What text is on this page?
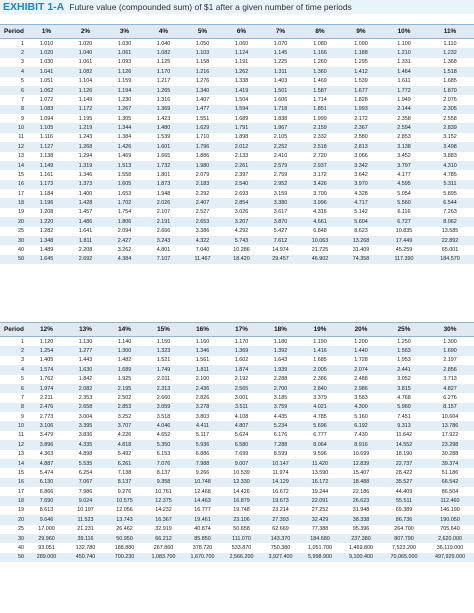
EXHIBIT 1-A Future value (compounded sum) of $1 after a given number of time periods
Period	1%	2%	3%	4%	5%	6%	7%	8%	9%	10%	11%
1	1.010	1.020	1.030	1.040	1.050	1.060	1.070	1.080	1.090	1.100	1.110
2	1.020	1.040	1.061	1.082	1.103	1.124	1.145	1.166	1.188	1.210	1.232
3	1.030	1.061	1.093	1.125	1.158	1.191	1.225	1.260	1.295	1.331	1.368
4	1.041	1.082	1.126	1.170	1.216	1.262	1.311	1.360	1.412	1.464	1.518
5	1.051	1.104	1.159	1.217	1.276	1.338	1.403	1.469	1.539	1.611	1.685
6	1.062	1.126	1.194	1.265	1.340	1.419	1.501	1.587	1.677	1.772	1.870
7	1.072	1.149	1.230	1.316	1.407	1.504	1.606	1.714	1.828	1.949	2.076
8	1.083	1.172	1.267	1.369	1.477	1.594	1.718	1.851	1.993	2.144	2.305
9	1.094	1.195	1.305	1.423	1.551	1.689	1.838	1.999	2.172	2.358	2.558
10	1.105	1.219	1.344	1.480	1.629	1.791	1.967	2.159	2.367	2.594	2.839
11	1.116	1.243	1.384	1.539	1.710	1.898	2.105	2.332	2.580	2.853	3.152
12	1.127	1.268	1.426	1.601	1.796	2.012	2.252	2.518	2.813	3.138	3.498
13	1.138	1.294	1.469	1.665	1.886	2.133	2.410	2.720	3.066	3.452	3.883
14	1.149	1.319	1.513	1.732	1.980	2.261	2.579	2.937	3.342	3.797	4.310
15	1.161	1.346	1.558	1.801	2.079	2.397	2.759	3.172	3.642	4.177	4.785
16	1.173	1.373	1.605	1.873	2.183	2.540	2.952	3.426	3.970	4.595	5.311
17	1.184	1.400	1.653	1.948	2.292	2.693	3.159	3.700	4.328	5.054	5.895
18	1.196	1.428	1.702	2.026	2.407	2.854	3.380	3.996	4.717	5.560	6.544
19	1.208	1.457	1.754	2.107	2.527	3.026	3.617	4.316	5.142	6.116	7.263
20	1.220	1.486	1.806	2.191	2.653	3.207	3.870	4.661	5.604	6.727	8.062
25	1.282	1.641	2.094	2.666	3.386	4.292	5.427	6.848	8.623	10.835	13.585
30	1.348	1.811	2.427	3.243	4.322	5.743	7.612	10.063	13.268	17.449	22.892
40	1.489	2.208	3.262	4.801	7.040	10.286	14.974	21.725	31.409	45.259	65.001
50	1.645	2.692	4.384	7.107	11.467	18.420	29.457	46.902	74.358	117.390	184.570
Period	12%	13%	14%	15%	16%	17%	18%	19%	20%	25%	30%
1	1.120	1.130	1.140	1.150	1.160	1.170	1.180	1.190	1.200	1.250	1.300
2	1.254	1.277	1.300	1.323	1.346	1.369	1.392	1.416	1.440	1.563	1.690
3	1.405	1.443	1.482	1.521	1.561	1.602	1.643	1.685	1.728	1.953	2.197
4	1.574	1.630	1.689	1.749	1.811	1.874	1.939	2.005	2.074	2.441	2.856
5	1.762	1.842	1.925	2.011	2.100	2.192	2.288	2.386	2.488	3.052	3.713
6	1.974	2.082	2.195	2.313	2.436	2.565	2.700	2.840	2.986	3.815	4.827
7	2.211	2.353	2.502	2.660	2.826	3.001	3.185	3.379	3.583	4.768	6.276
8	2.476	2.658	2.853	3.059	3.278	3.511	3.759	4.021	4.300	5.960	8.157
9	2.773	3.004	3.252	3.518	3.803	4.108	4.435	4.785	5.160	7.451	10.604
10	3.106	3.395	3.707	4.046	4.411	4.807	5.234	5.696	6.192	9.313	13.786
11	3.479	3.836	4.226	4.652	5.117	5.624	6.176	6.777	7.430	11.642	17.922
12	3.896	4.335	4.818	5.350	5.936	6.580	7.288	8.064	8.916	14.552	23.298
13	4.363	4.898	5.492	6.153	6.886	7.699	8.599	9.596	10.699	18.190	30.288
14	4.887	5.535	6.261	7.076	7.988	9.007	10.147	11.420	12.839	22.737	39.374
15	5.474	6.254	7.138	8.137	9.266	10.539	11.974	13.590	15.407	28.422	51.186
16	6.130	7.067	8.137	9.358	10.748	12.330	14.129	16.172	18.488	35.527	66.542
17	6.866	7.986	9.276	10.761	12.468	14.426	16.672	19.244	22.186	44.409	86.504
18	7.690	9.024	10.575	12.375	14.463	16.879	19.673	22.091	26.623	55.511	112.460
19	8.613	10.197	12.056	14.232	16.777	19.748	23.214	27.252	31.948	69.389	146.190
20	9.646	11.523	13.743	16.367	19.461	23.106	27.393	32.429	38.338	86.736	190.050
25	17.000	21.231	26.462	32.919	40.874	50.658	62.669	77.388	95.396	264.700	705.640
30	29.960	39.116	50.950	66.212	85.850	111.070	143.370	184.680	237.380	807.790	2,620.000
40	93.051	132.780	188.880	267.860	378.720	533.870	750.380	1,051.700	1,469.800	7,523.200	36,119.000
50	289.000	450.740	700.230	1,083.700	1,670.700	2,566.200	3,927.400	5,998.900	9,100.400	70,065.000	497,929.000
